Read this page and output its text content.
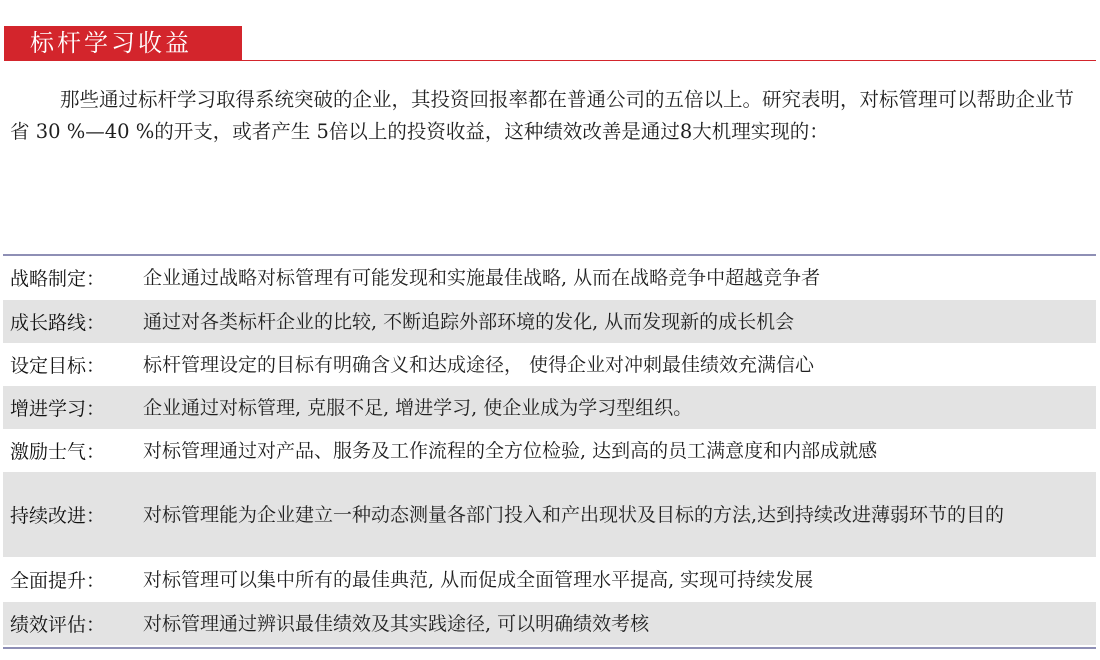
标杆学习收益

那些通过标杆学习取得系统突破的企业，其投资回报率都在普通公司的五倍以上。研究表明，对标管理可以帮助企业节省 30 %—40 %的开支，或者产生 5倍以上的投资收益，这种绩效改善是通过8大机理实现的：

战略制定：	企业通过战略对标管理有可能发现和实施最佳战略, 从而在战略竞争中超越竞争者
成长路线：	通过对各类标杆企业的比较, 不断追踪外部环境的发化, 从而发现新的成长机会
设定目标：	标杆管理设定的目标有明确含义和达成途径， 使得企业对冲刺最佳绩效充满信心
增进学习：	企业通过对标管理, 克服不足, 增进学习, 使企业成为学习型组织。
激励士气：	对标管理通过对产品、服务及工作流程的全方位检验, 达到高的员工满意度和内部成就感
持续改进：	对标管理能为企业建立一种动态测量各部门投入和产出现状及目标的方法,达到持续改进薄弱环节的目的
全面提升：	对标管理可以集中所有的最佳典范, 从而促成全面管理水平提高, 实现可持续发展
绩效评估：	对标管理通过辨识最佳绩效及其实践途径, 可以明确绩效考核
